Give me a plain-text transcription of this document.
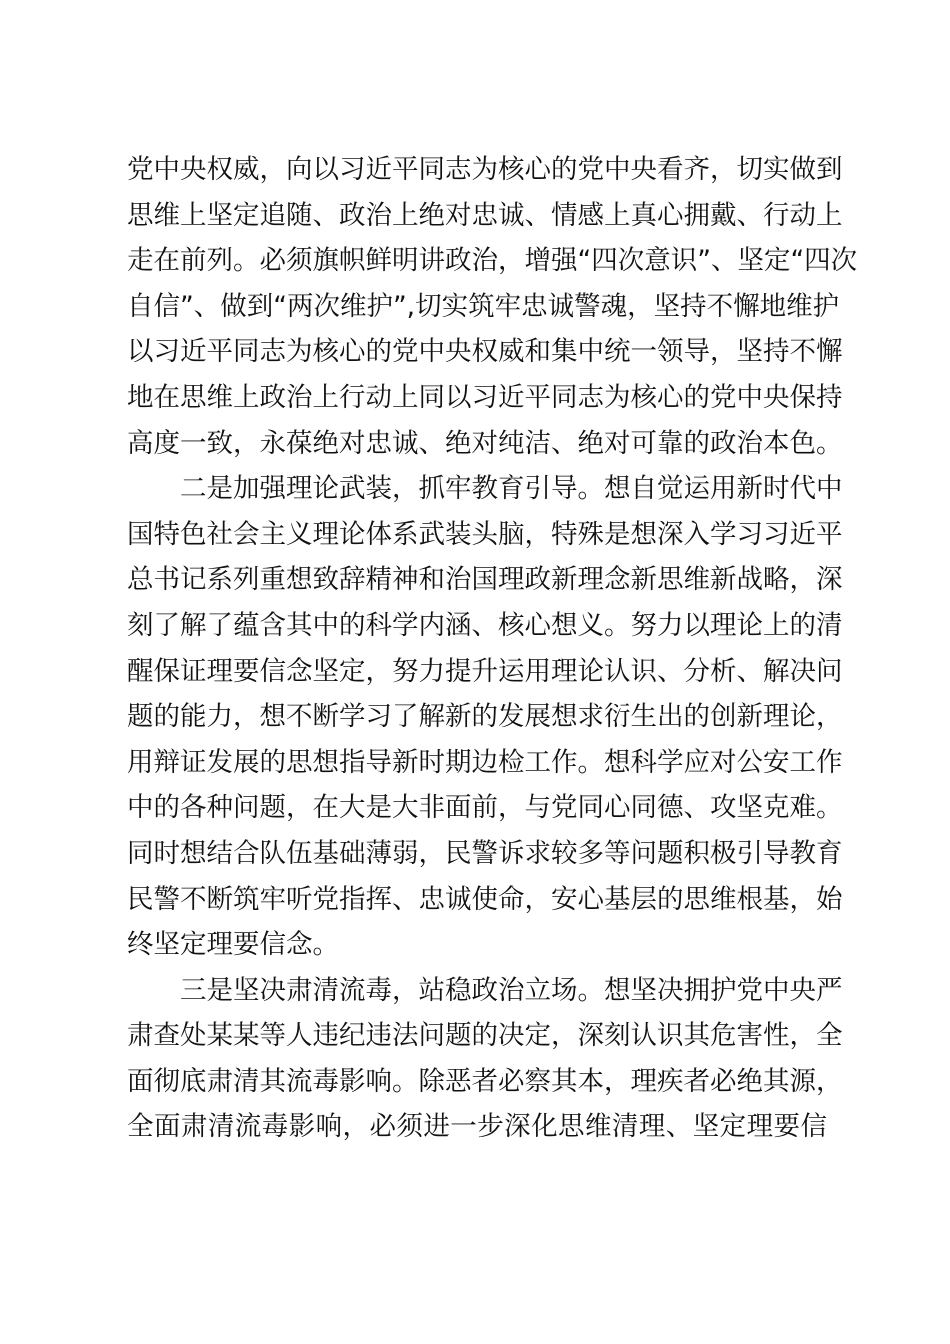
党中央权威，向以习近平同志为核心的党中央看齐，切实做到
思维上坚定追随、政治上绝对忠诚、情感上真心拥戴、行动上
走在前列。必须旗帜鲜明讲政治，增强“四次意识”、坚定“四次
自信”、做到“两次维护”,切实筑牢忠诚警魂，坚持不懈地维护
以习近平同志为核心的党中央权威和集中统一领导，坚持不懈
地在思维上政治上行动上同以习近平同志为核心的党中央保持
高度一致，永葆绝对忠诚、绝对纯洁、绝对可靠的政治本色。
二是加强理论武装，抓牢教育引导。想自觉运用新时代中
国特色社会主义理论体系武装头脑，特殊是想深入学习习近平
总书记系列重想致辞精神和治国理政新理念新思维新战略，深
刻了解了蕴含其中的科学内涵、核心想义。努力以理论上的清
醒保证理要信念坚定，努力提升运用理论认识、分析、解决问
题的能力，想不断学习了解新的发展想求衍生出的创新理论，
用辩证发展的思想指导新时期边检工作。想科学应对公安工作
中的各种问题，在大是大非面前，与党同心同德、攻坚克难。
同时想结合队伍基础薄弱，民警诉求较多等问题积极引导教育
民警不断筑牢听党指挥、忠诚使命，安心基层的思维根基，始
终坚定理要信念。
三是坚决肃清流毒，站稳政治立场。想坚决拥护党中央严
肃查处某某等人违纪违法问题的决定，深刻认识其危害性，全
面彻底肃清其流毒影响。除恶者必察其本，理疾者必绝其源，
全面肃清流毒影响，必须进一步深化思维清理、坚定理要信
